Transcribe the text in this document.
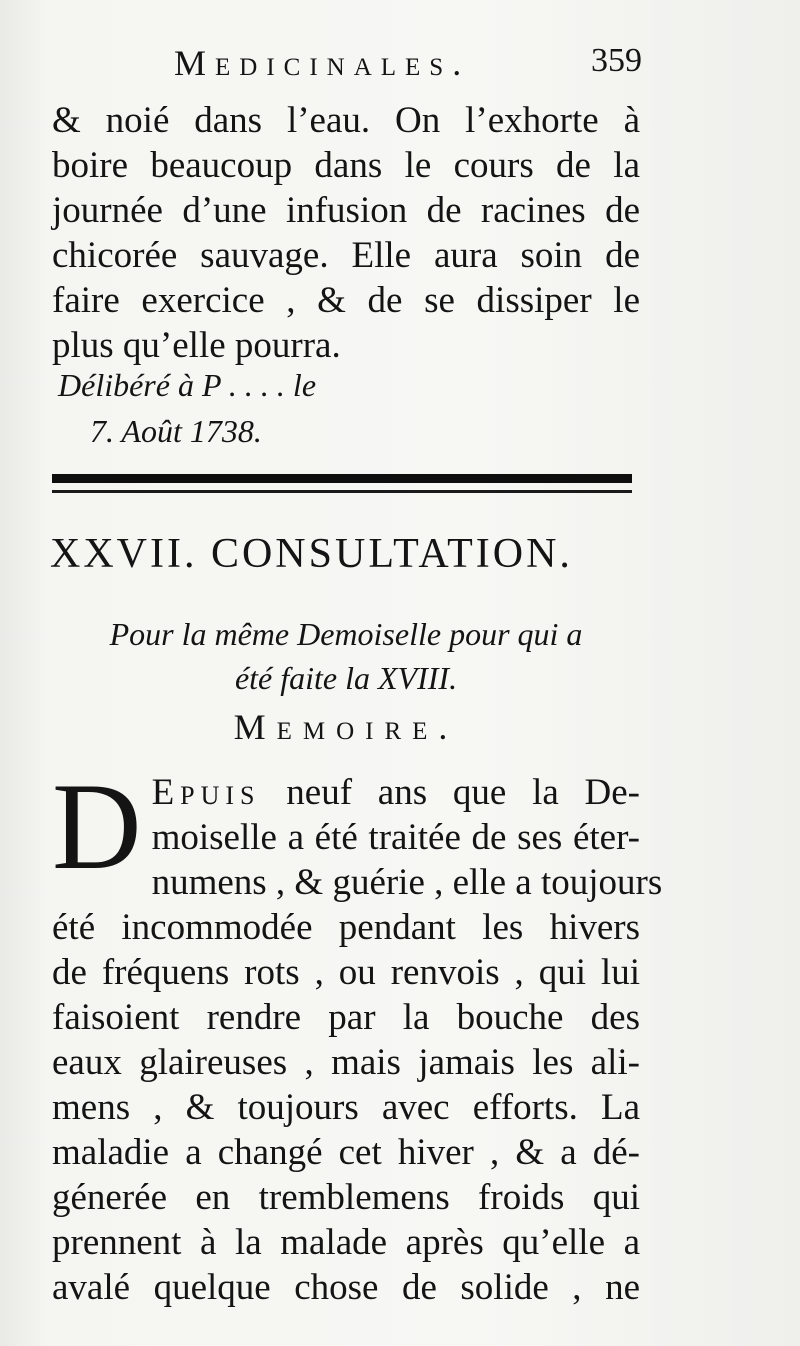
Medicinales.	359
& noié dans l’eau. On l’exhorte à
boire beaucoup dans le cours de la
journée d’une infusion de racines de
chicorée sauvage. Elle aura soin de
faire exercice , & de se dissiper le
plus qu’elle pourra.
Délibéré à P . . . . le
7. Août 1738.
XXVII. CONSULTATION.
Pour la même Demoiselle pour qui a
été faite la XVIII.
Memoire.
D Epuis neuf ans que la De-
moiselle a été traitée de ses éter-
numens , & guérie , elle a toujours
été incommodée pendant les hivers
de fréquens rots , ou renvois , qui lui
faisoient rendre par la bouche des
eaux glaireuses , mais jamais les ali-
mens , & toujours avec efforts. La
maladie a changé cet hiver , & a dé-
génerée en tremblemens froids qui
prennent à la malade après qu’elle a
avalé quelque chose de solide , ne
